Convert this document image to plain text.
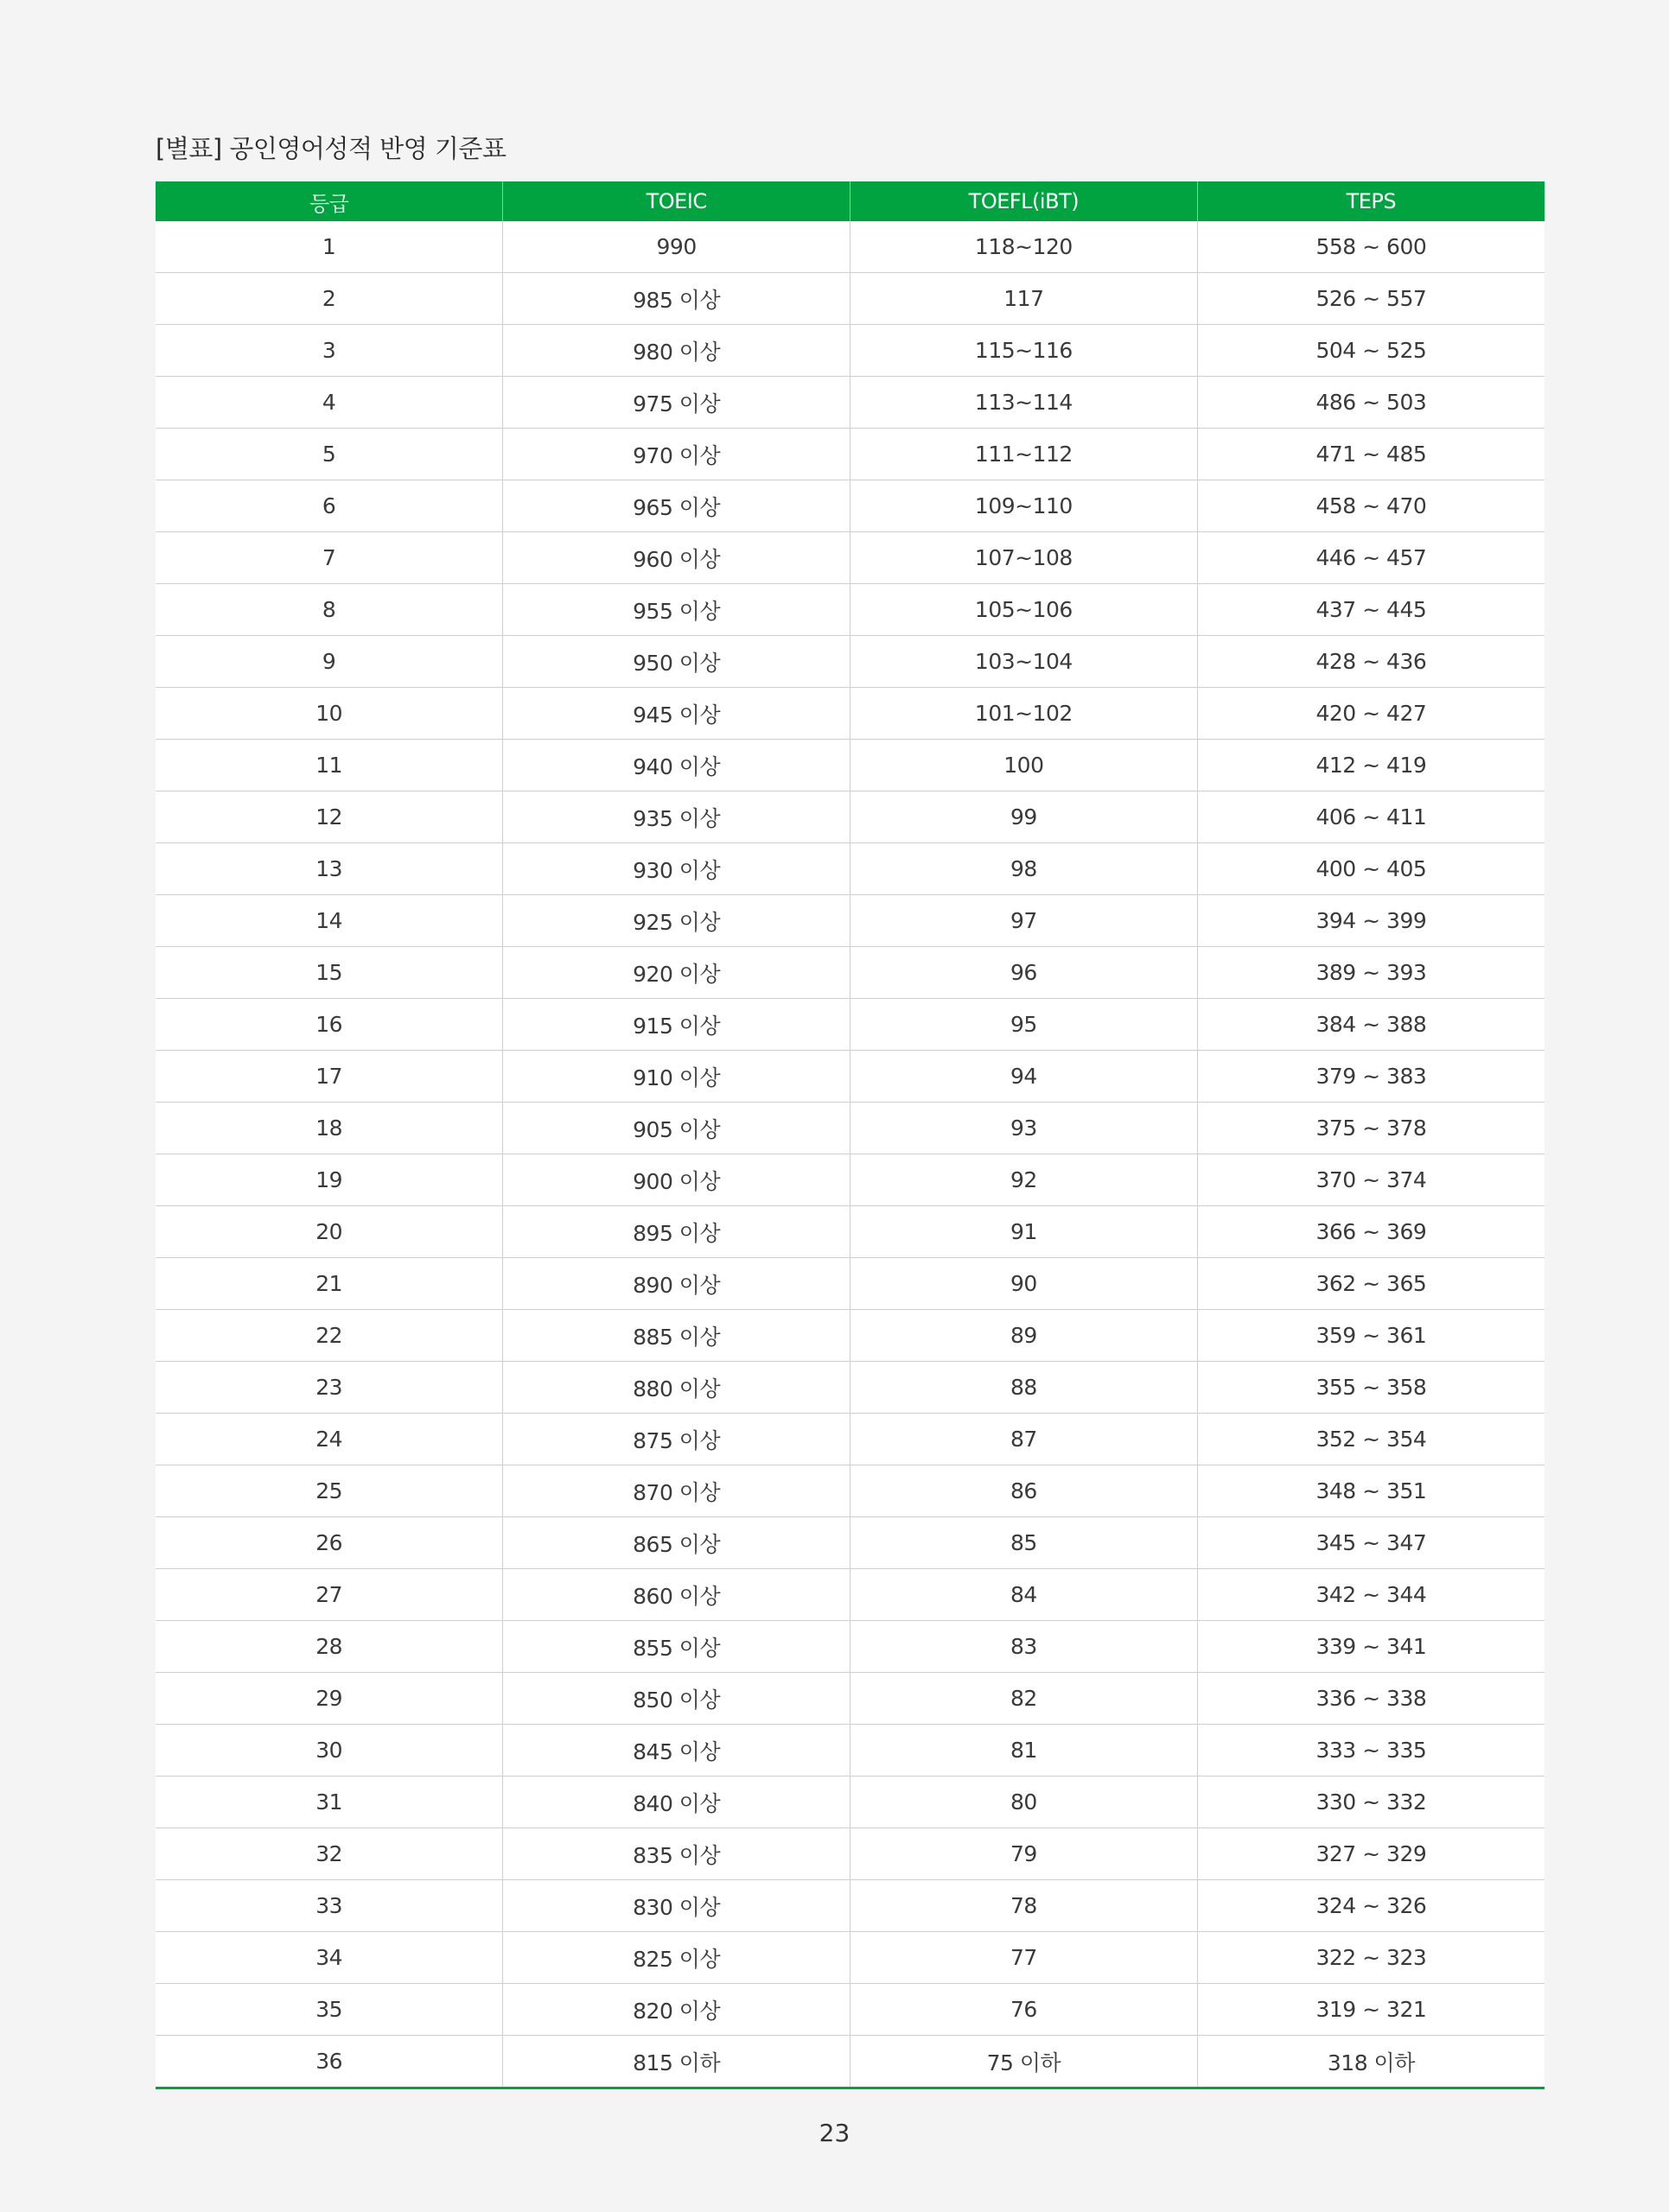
[별표] 공인영어성적 반영 기준표
등급	TOEIC	TOEFL(iBT)	TEPS
1	990	118~120	558 ~ 600
2	985 이상	117	526 ~ 557
3	980 이상	115~116	504 ~ 525
4	975 이상	113~114	486 ~ 503
5	970 이상	111~112	471 ~ 485
6	965 이상	109~110	458 ~ 470
7	960 이상	107~108	446 ~ 457
8	955 이상	105~106	437 ~ 445
9	950 이상	103~104	428 ~ 436
10	945 이상	101~102	420 ~ 427
11	940 이상	100	412 ~ 419
12	935 이상	99	406 ~ 411
13	930 이상	98	400 ~ 405
14	925 이상	97	394 ~ 399
15	920 이상	96	389 ~ 393
16	915 이상	95	384 ~ 388
17	910 이상	94	379 ~ 383
18	905 이상	93	375 ~ 378
19	900 이상	92	370 ~ 374
20	895 이상	91	366 ~ 369
21	890 이상	90	362 ~ 365
22	885 이상	89	359 ~ 361
23	880 이상	88	355 ~ 358
24	875 이상	87	352 ~ 354
25	870 이상	86	348 ~ 351
26	865 이상	85	345 ~ 347
27	860 이상	84	342 ~ 344
28	855 이상	83	339 ~ 341
29	850 이상	82	336 ~ 338
30	845 이상	81	333 ~ 335
31	840 이상	80	330 ~ 332
32	835 이상	79	327 ~ 329
33	830 이상	78	324 ~ 326
34	825 이상	77	322 ~ 323
35	820 이상	76	319 ~ 321
36	815 이하	75 이하	318 이하
23
